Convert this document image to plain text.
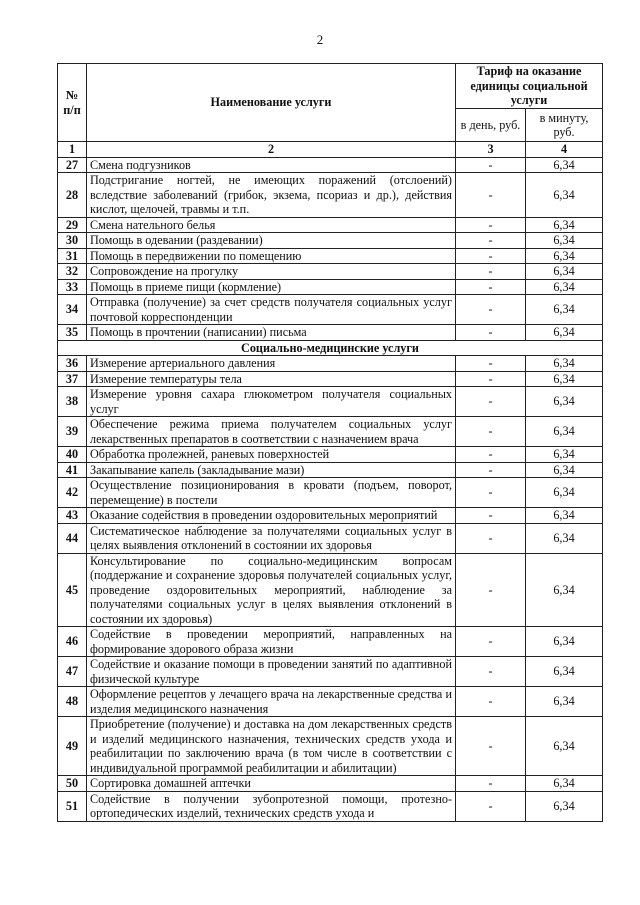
2
№ п/п	Наименование услуги	Тариф на оказание единицы социальной услуги	
		в день, руб.	в минуту, руб.
1	2	3	4
27	Смена подгузников	-	6,34
28	Подстригание ногтей, не имеющих поражений (отслоений) вследствие заболеваний (грибок, экзема, псориаз и др.), действия кислот, щелочей, травмы и т.п.	-	6,34
29	Смена нательного белья	-	6,34
30	Помощь в одевании (раздевании)	-	6,34
31	Помощь в передвижении по помещению	-	6,34
32	Сопровождение на прогулку	-	6,34
33	Помощь в приеме пищи (кормление)	-	6,34
34	Отправка (получение) за счет средств получателя социальных услуг почтовой корреспонденции	-	6,34
35	Помощь в прочтении (написании) письма	-	6,34
Социально-медицинские услуги			
36	Измерение артериального давления	-	6,34
37	Измерение температуры тела	-	6,34
38	Измерение уровня сахара глюкометром получателя социальных услуг	-	6,34
39	Обеспечение режима приема получателем социальных услуг лекарственных препаратов в соответствии с назначением врача	-	6,34
40	Обработка пролежней, раневых поверхностей	-	6,34
41	Закапывание капель (закладывание мази)	-	6,34
42	Осуществление позиционирования в кровати (подъем, поворот, перемещение) в постели	-	6,34
43	Оказание содействия в проведении оздоровительных мероприятий	-	6,34
44	Систематическое наблюдение за получателями социальных услуг в целях выявления отклонений в состоянии их здоровья	-	6,34
45	Консультирование по социально-медицинским вопросам (поддержание и сохранение здоровья получателей социальных услуг, проведение оздоровительных мероприятий, наблюдение за получателями социальных услуг в целях выявления отклонений в состоянии их здоровья)	-	6,34
46	Содействие в проведении мероприятий, направленных на формирование здорового образа жизни	-	6,34
47	Содействие и оказание помощи в проведении занятий по адаптивной физической культуре	-	6,34
48	Оформление рецептов у лечащего врача на лекарственные средства и изделия медицинского назначения	-	6,34
49	Приобретение (получение) и доставка на дом лекарственных средств и изделий медицинского назначения, технических средств ухода и реабилитации по заключению врача (в том числе в соответствии с индивидуальной программой реабилитации и абилитации)	-	6,34
50	Сортировка домашней аптечки	-	6,34
51	Содействие в получении зубопротезной помощи, протезно-ортопедических изделий, технических средств ухода и	-	6,34
